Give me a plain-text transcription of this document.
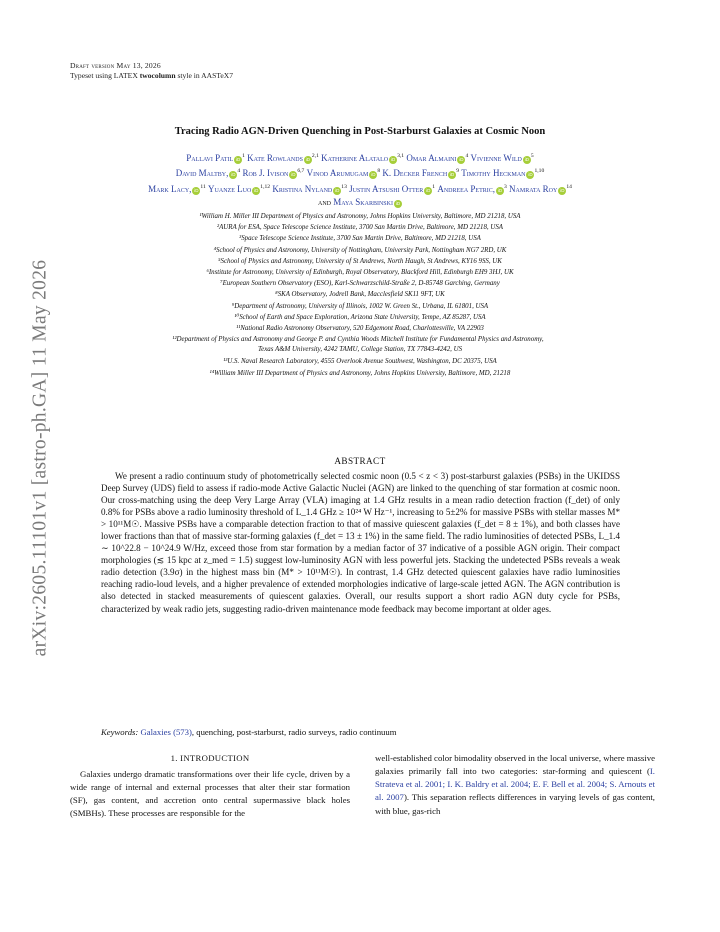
arXiv:2605.11101v1 [astro-ph.GA] 11 May 2026
Draft version May 13, 2026
Typeset using LATEX twocolumn style in AASTeX7
Tracing Radio AGN-Driven Quenching in Post-Starburst Galaxies at Cosmic Noon
Pallavi Patil $iD^1$ Kate Rowlands iD$^{2,1}$ Katherine Alatalo iD$^{3,1}$ Omar Almaini $iD^4$ Vivienne Wild $iD^5$
David Maltby, $iD^4$ Rob J. Ivison iD$^{6,7}$ Vinod Arumugam $iD^8$ K. Decker French $iD^9$ Timothy Heckman iD$^{1,10}$
Mark Lacy, $iD^{11}$ Yuanze Luo iD$^{1,12}$ Kristina Nyland $iD^{13}$ Justin Atsushi Otter $iD^1$ Andreea Petric, $iD^3$ Namrata Roy $iD^{14}$
and Maya Skarbinski iD
¹William H. Miller III Department of Physics and Astronomy, Johns Hopkins University, Baltimore, MD 21218, USA
²AURA for ESA, Space Telescope Science Institute, 3700 San Martin Drive, Baltimore, MD 21218, USA
³Space Telescope Science Institute, 3700 San Martin Drive, Baltimore, MD 21218, USA
⁴School of Physics and Astronomy, University of Nottingham, University Park, Nottingham NG7 2RD, UK
⁵School of Physics and Astronomy, University of St Andrews, North Haugh, St Andrews, KY16 9SS, UK
⁶Institute for Astronomy, University of Edinburgh, Royal Observatory, Blackford Hill, Edinburgh EH9 3HJ, UK
⁷European Southern Observatory (ESO), Karl-Schwarzschild-Straße 2, D-85748 Garching, Germany
⁸SKA Observatory, Jodrell Bank, Macclesfield SK11 9FT, UK
⁹Department of Astronomy, University of Illinois, 1002 W. Green St., Urbana, IL 61801, USA
¹⁰School of Earth and Space Exploration, Arizona State University, Tempe, AZ 85287, USA
¹¹National Radio Astronomy Observatory, 520 Edgemont Road, Charlottesville, VA 22903
¹²Department of Physics and Astronomy and George P. and Cynthia Woods Mitchell Institute for Fundamental Physics and Astronomy,
Texas A&M University, 4242 TAMU, College Station, TX 77843-4242, US
¹³U.S. Naval Research Laboratory, 4555 Overlook Avenue Southwest, Washington, DC 20375, USA
¹⁴William Miller III Department of Physics and Astronomy, Johns Hopkins University, Baltimore, MD, 21218
ABSTRACT
We present a radio continuum study of photometrically selected cosmic noon (0.5 < z < 3) post-starburst galaxies (PSBs) in the UKIDSS Deep Survey (UDS) field to assess if radio-mode Active Galactic Nuclei (AGN) are linked to the quenching of star formation at cosmic noon. Our cross-matching using the deep Very Large Array (VLA) imaging at 1.4 GHz results in a mean radio detection fraction (f_det) of only 0.8% for PSBs above a radio luminosity threshold of L_1.4 GHz ≥ 10²⁴ W Hz⁻¹, increasing to 5±2% for massive PSBs with stellar masses M* > 10¹¹M☉. Massive PSBs have a comparable detection fraction to that of massive quiescent galaxies (f_det = 8 ± 1%), and both classes have lower fractions than that of massive star-forming galaxies (f_det = 13 ± 1%) in the same field. The radio luminosities of detected PSBs, L_1.4 ∼ 10^22.8 − 10^24.9 W/Hz, exceed those from star formation by a median factor of 37 indicative of a possible AGN origin. Their compact morphologies (≲ 15 kpc at z_med = 1.5) suggest low-luminosity AGN with less powerful jets. Stacking the undetected PSBs reveals a weak radio detection (3.9σ) in the highest mass bin (M* > 10¹¹M☉). In contrast, 1.4 GHz detected quiescent galaxies have radio luminosities reaching radio-loud levels, and a higher prevalence of extended morphologies indicative of large-scale jetted AGN. The AGN contribution is also detected in stacked measurements of quiescent galaxies. Overall, our results support a short radio AGN duty cycle for PSBs, characterized by weak radio jets, suggesting radio-driven maintenance mode feedback may become important at older ages.
Keywords: Galaxies (573), quenching, post-starburst, radio surveys, radio continuum
1. INTRODUCTION
Galaxies undergo dramatic transformations over their life cycle, driven by a wide range of internal and external processes that alter their star formation (SF), gas content, and accretion onto central supermassive black holes (SMBHs). These processes are responsible for the
well-established color bimodality observed in the local universe, where massive galaxies primarily fall into two categories: star-forming and quiescent (I. Strateva et al. 2001; I. K. Baldry et al. 2004; E. F. Bell et al. 2004; S. Arnouts et al. 2007). This separation reflects differences in varying levels of gas content, with blue, gas-rich
